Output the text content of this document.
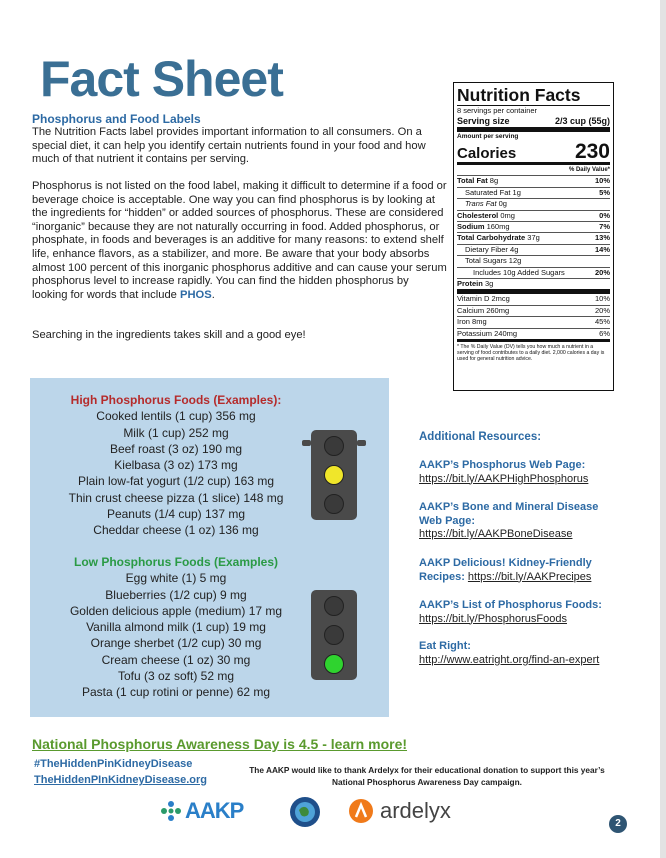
Fact Sheet
Phosphorus and Food Labels
The Nutrition Facts label provides important information to all consumers. On a special diet, it can help you identify certain nutrients found in your food and how much of that nutrient it contains per serving.
Phosphorus is not listed on the food label, making it difficult to determine if a food or beverage choice is acceptable. One way you can find phosphorus is by looking at the ingredients for “hidden” or added sources of phosphorus. These are considered “inorganic” because they are not naturally occurring in food. Added phosphorus, or phosphate, in foods and beverages is an additive for many reasons: to extend shelf life, enhance flavors, as a stabilizer, and more. Be aware that your body absorbs almost 100 percent of this inorganic phosphorus additive and can cause your serum phosphorus level to increase rapidly. You can find the hidden phosphorus by looking for words that include PHOS.
Searching in the ingredients takes skill and a good eye!
Nutrition Facts
8 servings per container
Serving size	2/3 cup (55g)
Amount per serving
Calories	230
% Daily Value*
Total Fat 8g	10%
Saturated Fat 1g	5%
Trans Fat 0g
Cholesterol 0mg	0%
Sodium 160mg	7%
Total Carbohydrate 37g	13%
Dietary Fiber 4g	14%
Total Sugars 12g
Includes 10g Added Sugars	20%
Protein 3g
Vitamin D 2mcg	10%
Calcium 260mg	20%
Iron 8mg	45%
Potassium 240mg	6%
* The % Daily Value (DV) tells you how much a nutrient in a serving of food contributes to a daily diet. 2,000 calories a day is used for general nutrition advice.
High Phosphorus Foods (Examples):
Cooked lentils (1 cup) 356 mg
Milk (1 cup) 252 mg
Beef roast (3 oz) 190 mg
Kielbasa (3 oz) 173 mg
Plain low-fat yogurt (1/2 cup) 163 mg
Thin crust cheese pizza (1 slice) 148 mg
Peanuts (1/4 cup) 137 mg
Cheddar cheese (1 oz) 136 mg
Low Phosphorus Foods (Examples)
Egg white (1) 5 mg
Blueberries (1/2 cup) 9 mg
Golden delicious apple (medium) 17 mg
Vanilla almond milk (1 cup) 19 mg
Orange sherbet (1/2 cup) 30 mg
Cream cheese (1 oz) 30 mg
Tofu (3 oz soft) 52 mg
Pasta (1 cup rotini or penne) 62 mg
Additional Resources:
AAKP’s Phosphorus Web Page:
https://bit.ly/AAKPHighPhosphorus
AAKP’s Bone and Mineral Disease Web Page:
https://bit.ly/AAKPBoneDisease
AAKP Delicious! Kidney-Friendly Recipes: https://bit.ly/AAKPrecipes
AAKP’s List of Phosphorus Foods:
https://bit.ly/PhosphorusFoods
Eat Right:
http://www.eatright.org/find-an-expert
National Phosphorus Awareness Day is 4.5 - learn more!
#TheHiddenPinKidneyDisease
TheHiddenPInKidneyDisease.org
The AAKP would like to thank Ardelyx for their educational donation to support this year’s National Phosphorus Awareness Day campaign.
AAKP	ardelyx
2
